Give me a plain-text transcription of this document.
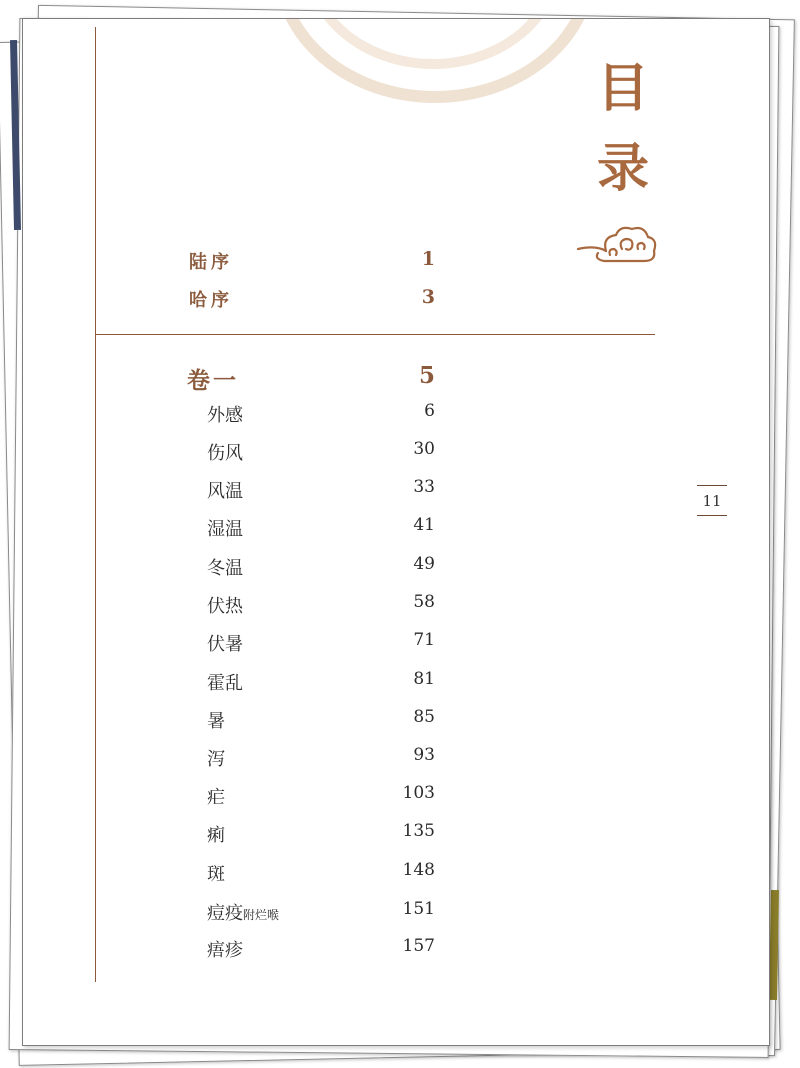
目
录
陆序	1
哈序	3
卷一	5
外感	6
伤风	30
风温	33
湿温	41
冬温	49
伏热	58
伏暑	71
霍乱	81
暑	85
泻	93
疟	103
痢	135
斑	148
痘疫附烂喉	151
痦疹	157
11
